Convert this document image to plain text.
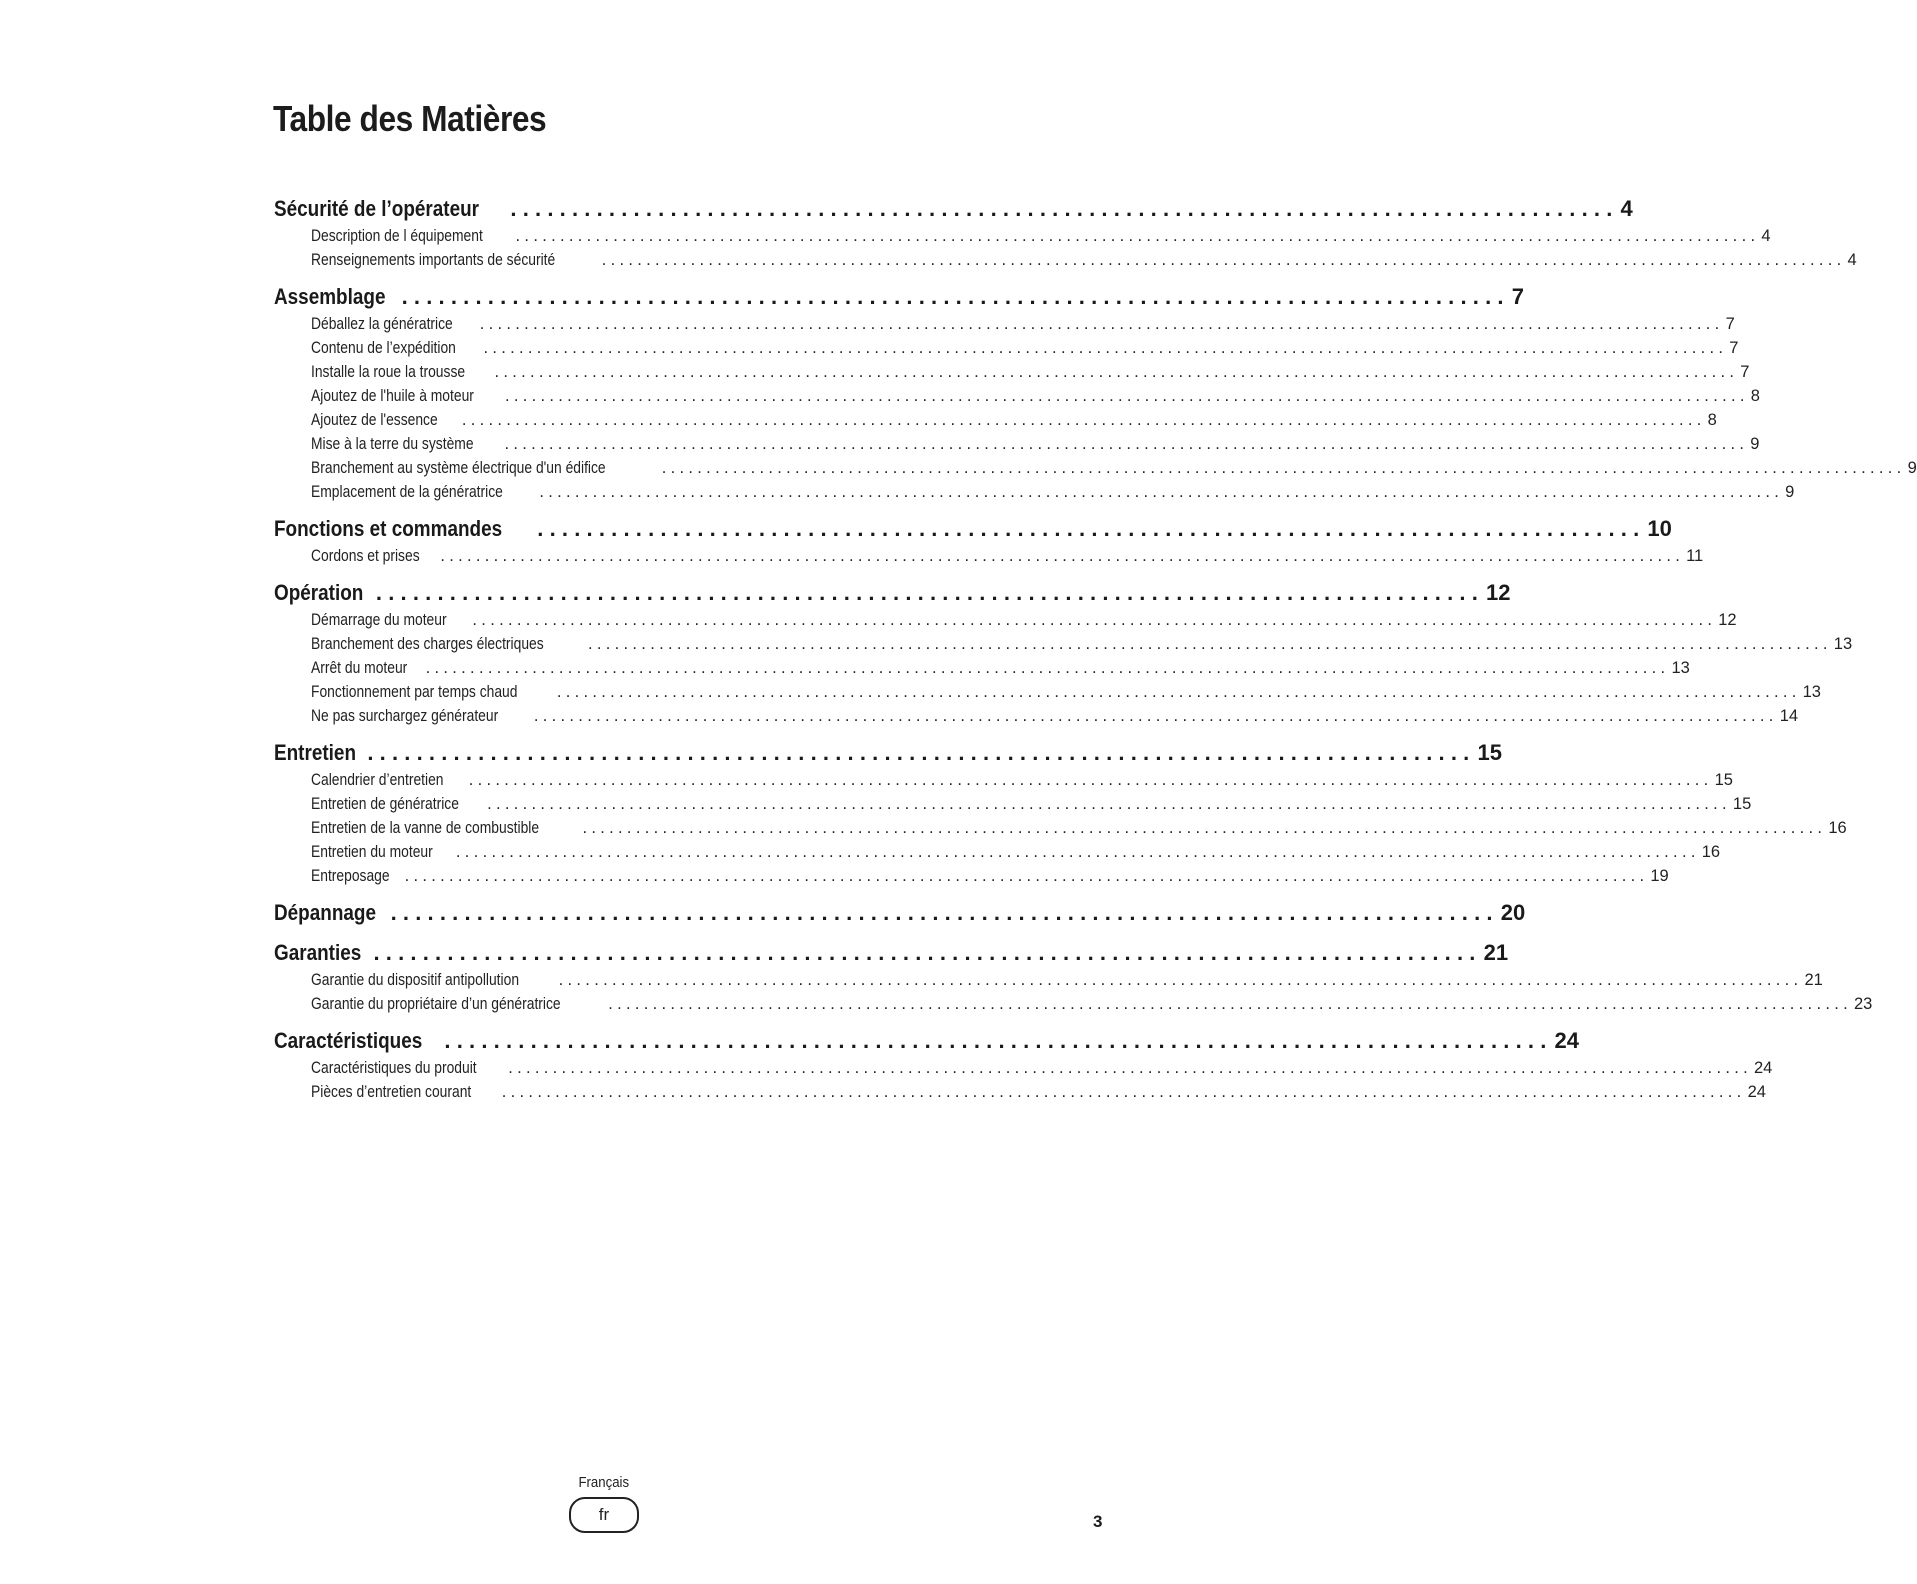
Table des Matières
Sécurité de l’opérateur .......................................................................................... 4
Description de l équipement ............................................................................................................................................ 4
Renseignements importants de sécurité	............................................................................................................................................ 4
Assemblage .......................................................................................... 7
Déballez la génératrice ............................................................................................................................................ 7
Contenu de l’expédition ............................................................................................................................................ 7
Installe la roue la trousse ............................................................................................................................................ 7
Ajoutez de l'huile à moteur ............................................................................................................................................ 8
Ajoutez de l'essence ............................................................................................................................................ 8
Mise à la terre du système ............................................................................................................................................ 9
Branchement au système électrique d'un édifice	............................................................................................................................................ 9
Emplacement de la génératrice ............................................................................................................................................ 9
Fonctions et commandes .......................................................................................... 10
Cordons et prises ............................................................................................................................................ 11
Opération .......................................................................................... 12
Démarrage du moteur ............................................................................................................................................ 12
Branchement des charges électriques	............................................................................................................................................ 13
Arrêt du moteur ............................................................................................................................................ 13
Fonctionnement par temps chaud ............................................................................................................................................ 13
Ne pas surchargez générateur ............................................................................................................................................ 14
Entretien .......................................................................................... 15
Calendrier d’entretien ............................................................................................................................................ 15
Entretien de génératrice ............................................................................................................................................ 15
Entretien de la vanne de combustible	............................................................................................................................................ 16
Entretien du moteur ............................................................................................................................................ 16
Entreposage ............................................................................................................................................ 19
Dépannage .......................................................................................... 20
Garanties .......................................................................................... 21
Garantie du dispositif antipollution ............................................................................................................................................ 21
Garantie du propriétaire d’un génératrice	............................................................................................................................................ 23
Caractéristiques .......................................................................................... 24
Caractéristiques du produit ............................................................................................................................................ 24
Pièces d’entretien courant ............................................................................................................................................ 24
Français
fr	3
